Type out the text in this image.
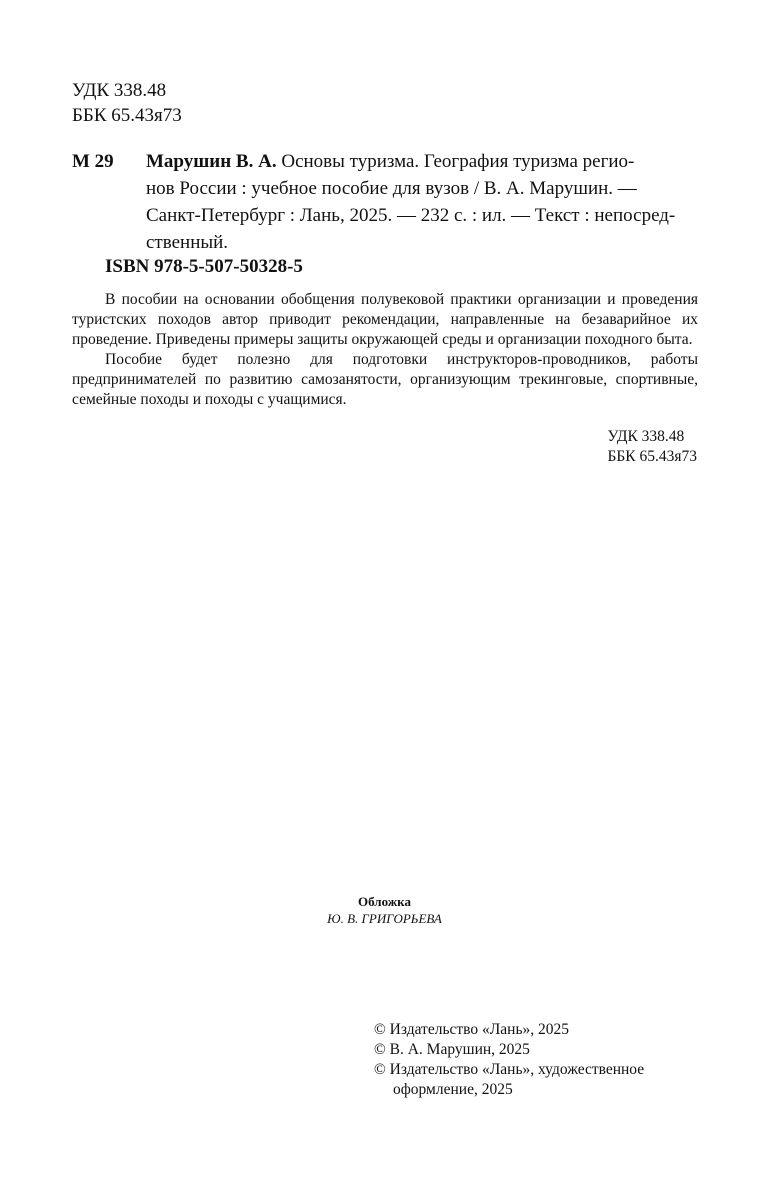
УДК 338.48
ББК 65.43я73
М 29 Марушин В. А. Основы туризма. География туризма регио-
нов России : учебное пособие для вузов / В. А. Марушин. —
Санкт-Петербург : Лань, 2025. — 232 с. : ил. — Текст : непосред-
ственный.
ISBN 978-5-507-50328-5

В пособии на основании обобщения полувековой практики организации и проведения туристских походов автор приводит рекомендации, направленные на безаварийное их проведение. Приведены примеры защиты окружающей среды и организации походного быта.

Пособие будет полезно для подготовки инструкторов-проводников, работы предпринимателей по развитию самозанятости, организующим трекинговые, спортивные, семейные походы и походы с учащимися.

УДК 338.48
ББК 65.43я73
Обложка
Ю. В. ГРИГОРЬЕВА
© Издательство «Лань», 2025
© В. А. Марушин, 2025
© Издательство «Лань», художественное
оформление, 2025
